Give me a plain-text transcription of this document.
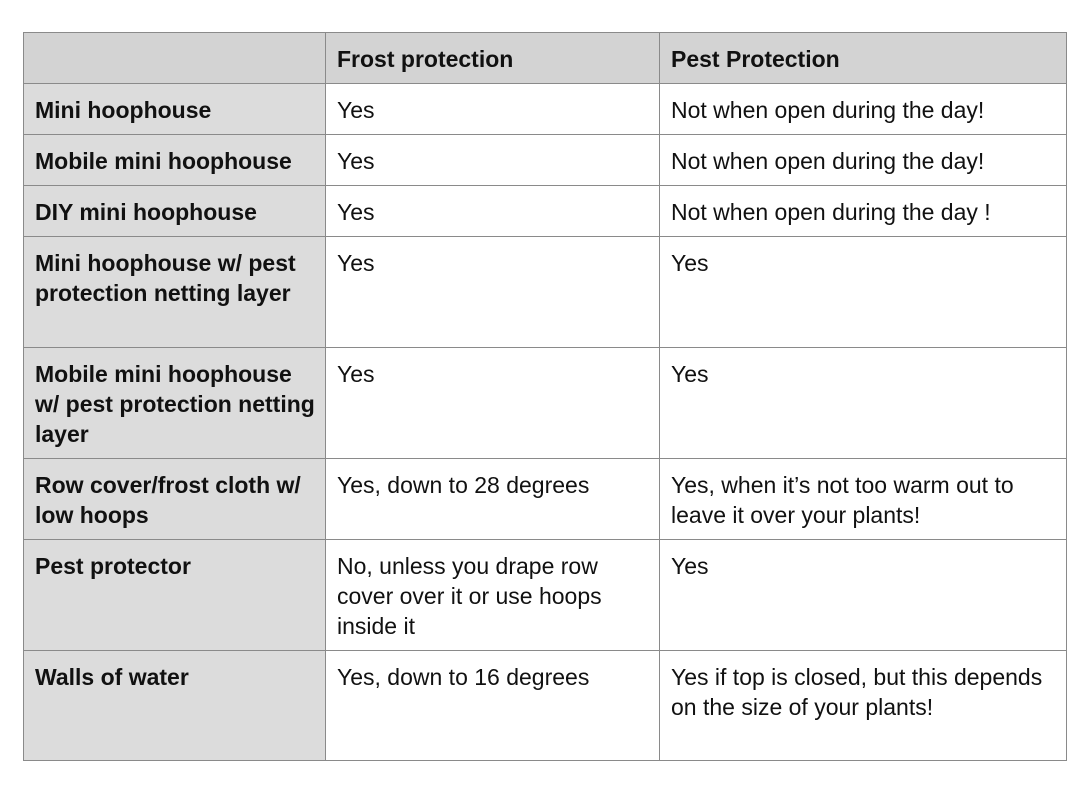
	Frost protection	Pest Protection
Mini hoophouse	Yes	Not when open during the day!
Mobile mini hoophouse	Yes	Not when open during the day!
DIY mini hoophouse	Yes	Not when open during the day !
Mini hoophouse w/ pest protection netting layer	Yes	Yes
Mobile mini hoophouse w/ pest protection netting layer	Yes	Yes
Row cover/frost cloth w/ low hoops	Yes, down to 28 degrees	Yes, when it’s not too warm out to leave it over your plants!
Pest protector	No, unless you drape row cover over it or use hoops inside it	Yes
Walls of water	Yes, down to 16 degrees	Yes if top is closed, but this depends on the size of your plants!
